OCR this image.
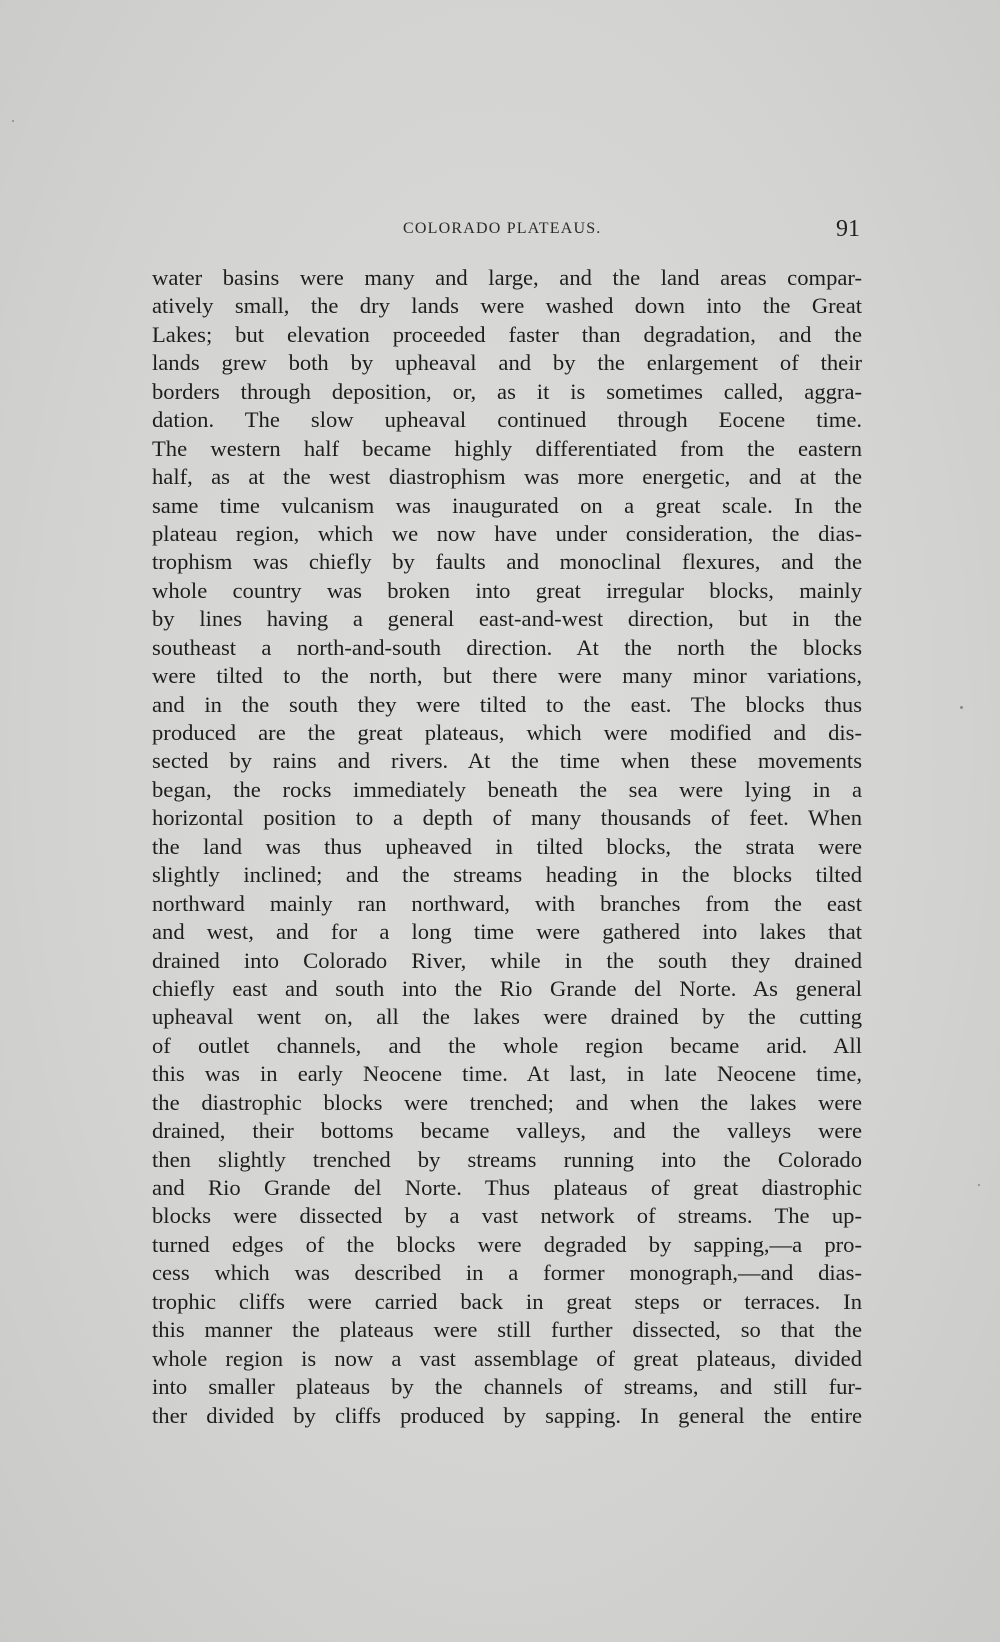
COLORADO PLATEAUS.	91
water basins were many and large, and the land areas compar-
atively small, the dry lands were washed down into the Great
Lakes; but elevation proceeded faster than degradation, and the
lands grew both by upheaval and by the enlargement of their
borders through deposition, or, as it is sometimes called, aggra-
dation. The slow upheaval continued through Eocene time.
The western half became highly differentiated from the eastern
half, as at the west diastrophism was more energetic, and at the
same time vulcanism was inaugurated on a great scale. In the
plateau region, which we now have under consideration, the dias-
trophism was chiefly by faults and monoclinal flexures, and the
whole country was broken into great irregular blocks, mainly
by lines having a general east-and-west direction, but in the
southeast a north-and-south direction. At the north the blocks
were tilted to the north, but there were many minor variations,
and in the south they were tilted to the east. The blocks thus
produced are the great plateaus, which were modified and dis-
sected by rains and rivers. At the time when these movements
began, the rocks immediately beneath the sea were lying in a
horizontal position to a depth of many thousands of feet. When
the land was thus upheaved in tilted blocks, the strata were
slightly inclined; and the streams heading in the blocks tilted
northward mainly ran northward, with branches from the east
and west, and for a long time were gathered into lakes that
drained into Colorado River, while in the south they drained
chiefly east and south into the Rio Grande del Norte. As general
upheaval went on, all the lakes were drained by the cutting
of outlet channels, and the whole region became arid. All
this was in early Neocene time. At last, in late Neocene time,
the diastrophic blocks were trenched; and when the lakes were
drained, their bottoms became valleys, and the valleys were
then slightly trenched by streams running into the Colorado
and Rio Grande del Norte. Thus plateaus of great diastrophic
blocks were dissected by a vast network of streams. The up-
turned edges of the blocks were degraded by sapping,—a pro-
cess which was described in a former monograph,—and dias-
trophic cliffs were carried back in great steps or terraces. In
this manner the plateaus were still further dissected, so that the
whole region is now a vast assemblage of great plateaus, divided
into smaller plateaus by the channels of streams, and still fur-
ther divided by cliffs produced by sapping. In general the entire
